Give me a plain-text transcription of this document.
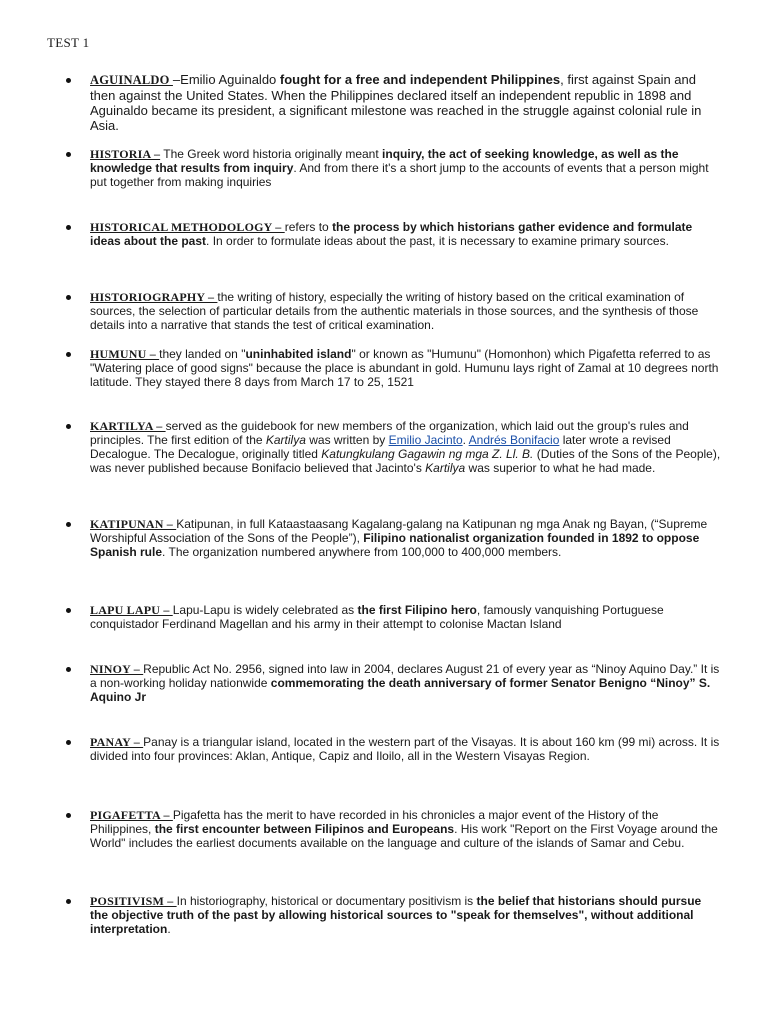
TEST 1
AGUINALDO –Emilio Aguinaldo fought for a free and independent Philippines, first against Spain and then against the United States. When the Philippines declared itself an independent republic in 1898 and Aguinaldo became its president, a significant milestone was reached in the struggle against colonial rule in Asia.
HISTORIA – The Greek word historia originally meant inquiry, the act of seeking knowledge, as well as the knowledge that results from inquiry. And from there it's a short jump to the accounts of events that a person might put together from making inquiries
HISTORICAL METHODOLOGY – refers to the process by which historians gather evidence and formulate ideas about the past. In order to formulate ideas about the past, it is necessary to examine primary sources.
HISTORIOGRAPHY – the writing of history, especially the writing of history based on the critical examination of sources, the selection of particular details from the authentic materials in those sources, and the synthesis of those details into a narrative that stands the test of critical examination.
HUMUNU – they landed on "uninhabited island" or known as "Humunu" (Homonhon) which Pigafetta referred to as "Watering place of good signs" because the place is abundant in gold. Humunu lays right of Zamal at 10 degrees north latitude. They stayed there 8 days from March 17 to 25, 1521
KARTILYA – served as the guidebook for new members of the organization, which laid out the group's rules and principles. The first edition of the Kartilya was written by Emilio Jacinto. Andrés Bonifacio later wrote a revised Decalogue. The Decalogue, originally titled Katungkulang Gagawin ng mga Z. Ll. B. (Duties of the Sons of the People), was never published because Bonifacio believed that Jacinto's Kartilya was superior to what he had made.
KATIPUNAN – Katipunan, in full Kataastaasang Kagalang-galang na Katipunan ng mga Anak ng Bayan, (“Supreme Worshipful Association of the Sons of the People”), Filipino nationalist organization founded in 1892 to oppose Spanish rule. The organization numbered anywhere from 100,000 to 400,000 members.
LAPU LAPU – Lapu-Lapu is widely celebrated as the first Filipino hero, famously vanquishing Portuguese conquistador Ferdinand Magellan and his army in their attempt to colonise Mactan Island
NINOY – Republic Act No. 2956, signed into law in 2004, declares August 21 of every year as “Ninoy Aquino Day.” It is a non-working holiday nationwide commemorating the death anniversary of former Senator Benigno “Ninoy” S. Aquino Jr
PANAY – Panay is a triangular island, located in the western part of the Visayas. It is about 160 km (99 mi) across. It is divided into four provinces: Aklan, Antique, Capiz and Iloilo, all in the Western Visayas Region.
PIGAFETTA – Pigafetta has the merit to have recorded in his chronicles a major event of the History of the Philippines, the first encounter between Filipinos and Europeans. His work "Report on the First Voyage around the World" includes the earliest documents available on the language and culture of the islands of Samar and Cebu.
POSITIVISM – In historiography, historical or documentary positivism is the belief that historians should pursue the objective truth of the past by allowing historical sources to "speak for themselves", without additional interpretation.
